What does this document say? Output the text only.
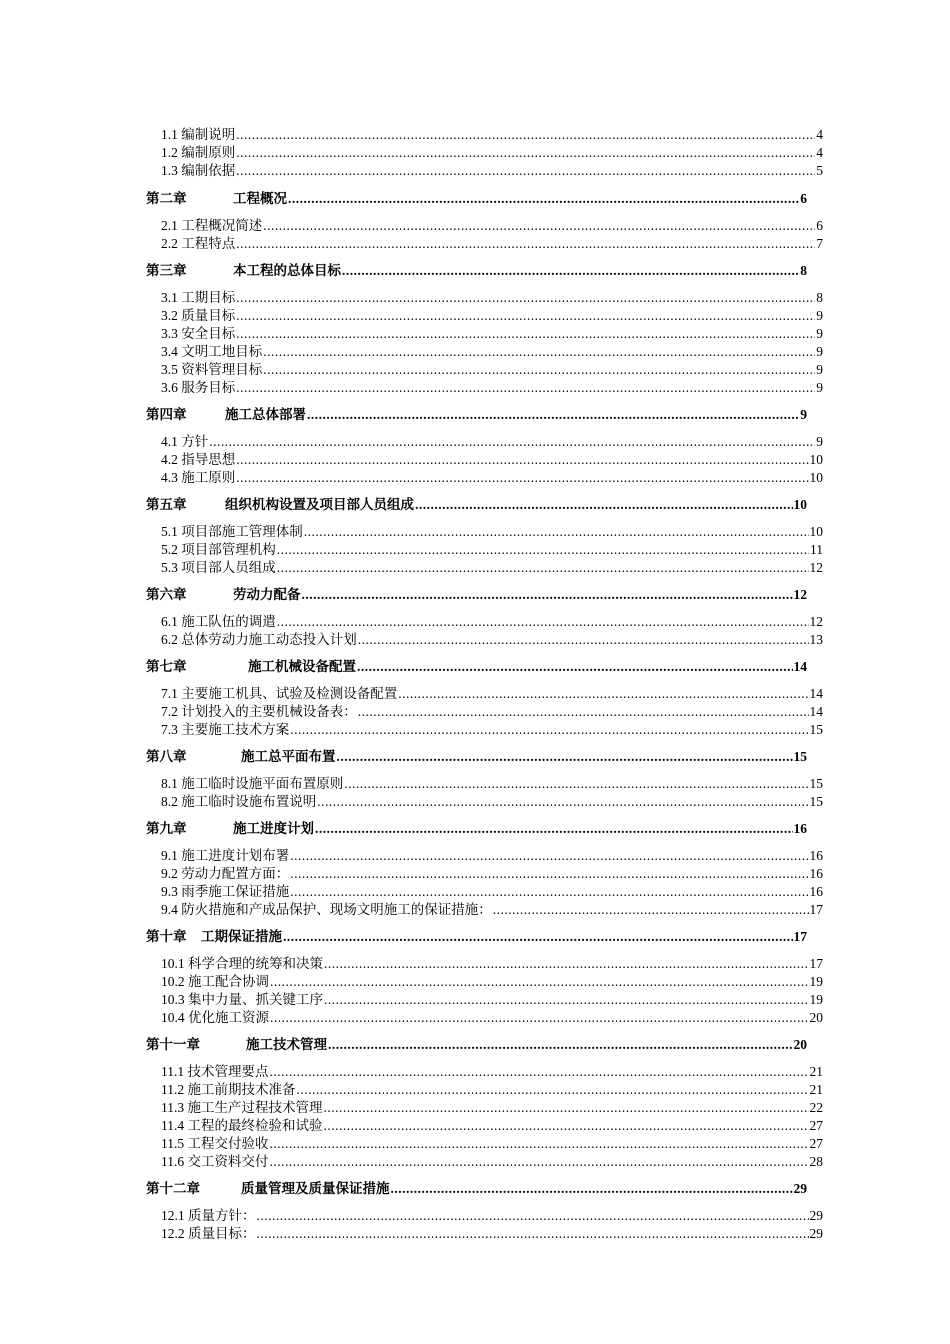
1.1 编制说明 .....	4
1.2 编制原则 .....	4
1.3 编制依据 .....	5
第二章	工程概况 .....	6
2.1 工程概况简述 .....	6
2.2 工程特点 .....	7
第三章	本工程的总体目标 .....	8
3.1 工期目标 .....	8
3.2 质量目标 .....	9
3.3 安全目标 .....	9
3.4 文明工地目标 .....	9
3.5 资料管理目标 .....	9
3.6 服务目标 .....	9
第四章	施工总体部署 .....	9
4.1 方针 .....	9
4.2 指导思想 .....	10
4.3 施工原则 .....	10
第五章	组织机构设置及项目部人员组成 .....	10
5.1 项目部施工管理体制 .....	10
5.2 项目部管理机构 .....	11
5.3 项目部人员组成 .....	12
第六章	劳动力配备 .....	12
6.1 施工队伍的调遣 .....	12
6.2 总体劳动力施工动态投入计划 .....	13
第七章	施工机械设备配置 .....	14
7.1 主要施工机具、试验及检测设备配置 .....	14
7.2 计划投入的主要机械设备表： .....	14
7.3 主要施工技术方案 .....	15
第八章	施工总平面布置 .....	15
8.1 施工临时设施平面布置原则 .....	15
8.2 施工临时设施布置说明 .....	15
第九章	施工进度计划 .....	16
9.1 施工进度计划布署 .....	16
9.2 劳动力配置方面： .....	16
9.3 雨季施工保证措施 .....	16
9.4 防火措施和产成品保护、现场文明施工的保证措施： .....	17
第十章	工期保证措施 .....	17
10.1 科学合理的统筹和决策 .....	17
10.2 施工配合协调 .....	19
10.3 集中力量、抓关键工序 .....	19
10.4 优化施工资源 .....	20
第十一章	施工技术管理 .....	20
11.1 技术管理要点 .....	21
11.2 施工前期技术准备 .....	21
11.3 施工生产过程技术管理 .....	22
11.4 工程的最终检验和试验 .....	27
11.5 工程交付验收 .....	27
11.6 交工资料交付 .....	28
第十二章	质量管理及质量保证措施 .....	29
12.1 质量方针： .....	29
12.2 质量目标： .....	29
